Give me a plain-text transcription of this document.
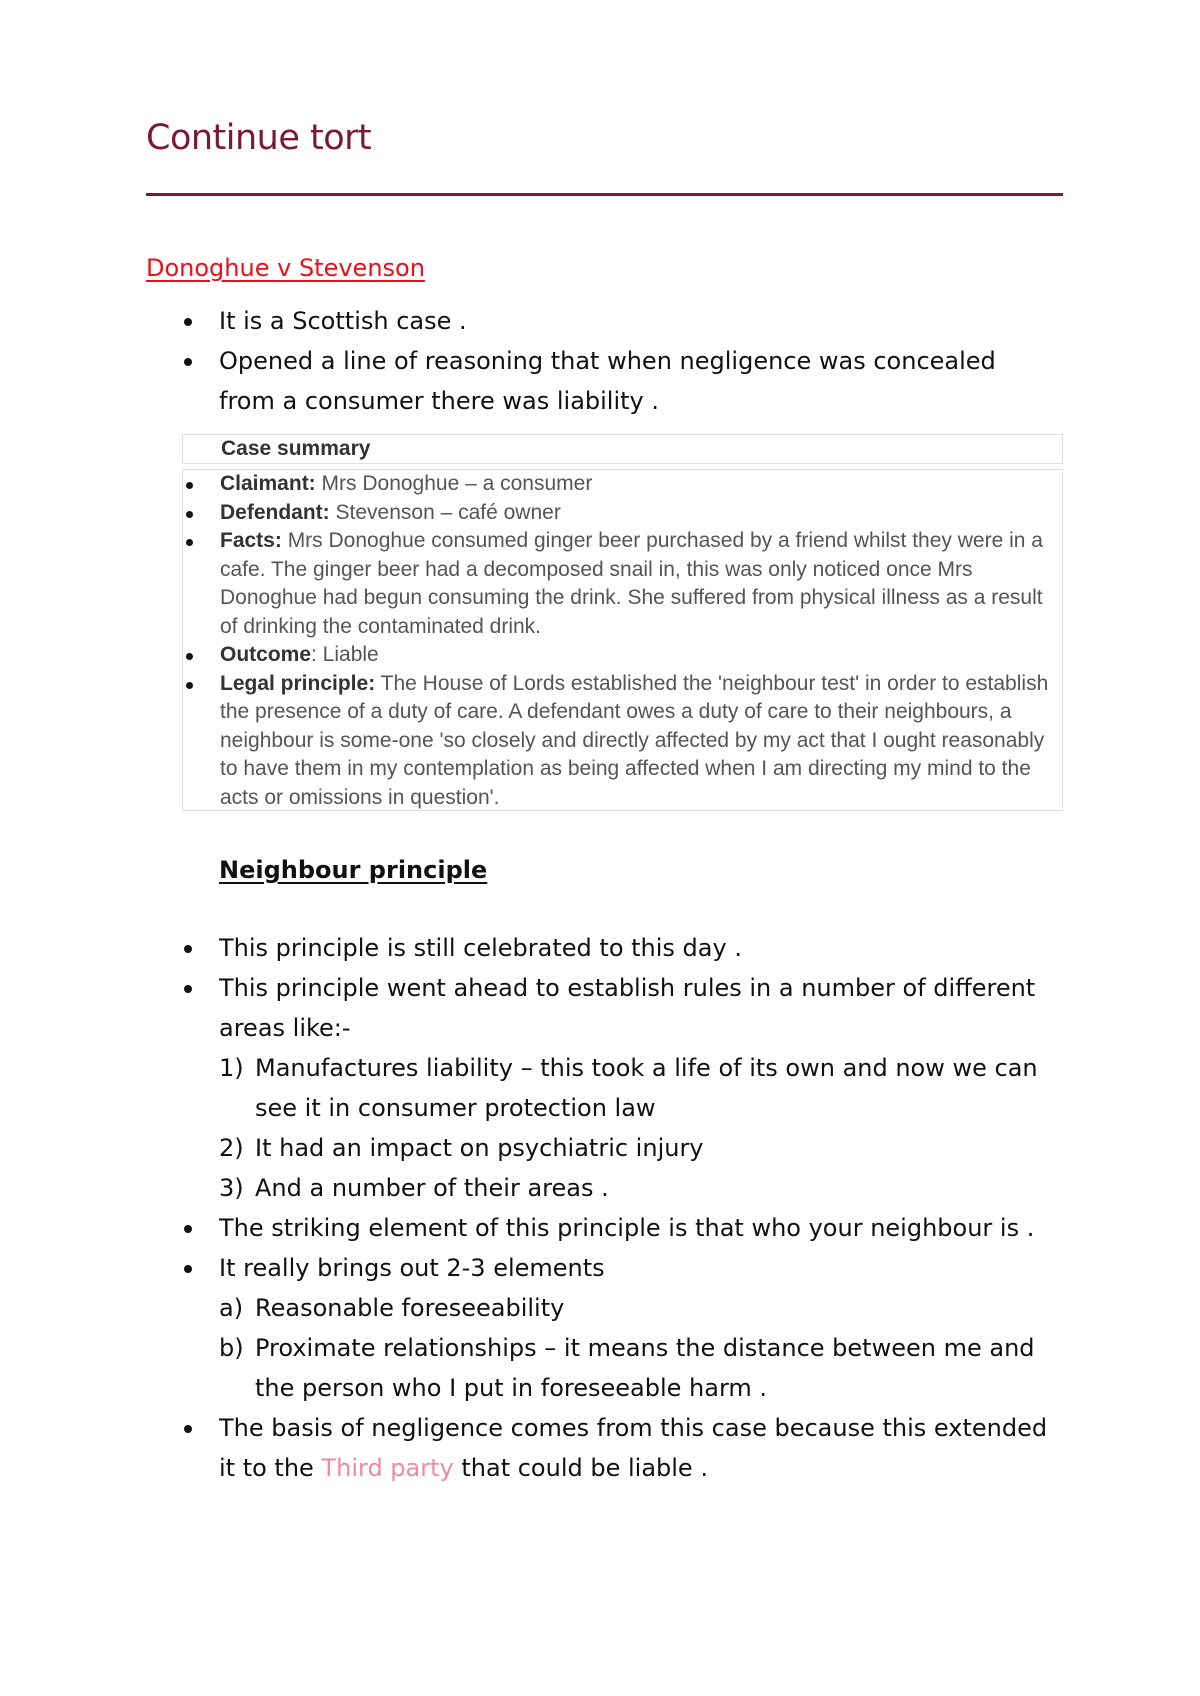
Continue tort
Donoghue v Stevenson
It is a Scottish case .
Opened a line of reasoning that when negligence was concealed from a consumer there was liability .
Case summary
Claimant: Mrs Donoghue – a consumer
Defendant: Stevenson – café owner
Facts: Mrs Donoghue consumed ginger beer purchased by a friend whilst they were in a cafe. The ginger beer had a decomposed snail in, this was only noticed once Mrs Donoghue had begun consuming the drink. She suffered from physical illness as a result of drinking the contaminated drink.
Outcome: Liable
Legal principle: The House of Lords established the 'neighbour test' in order to establish the presence of a duty of care. A defendant owes a duty of care to their neighbours, a neighbour is some-one 'so closely and directly affected by my act that I ought reasonably to have them in my contemplation as being affected when I am directing my mind to the acts or omissions in question'.
Neighbour principle
This principle is still celebrated to this day .
This principle went ahead to establish rules in a number of different areas like:-
1) Manufactures liability – this took a life of its own and now we can see it in consumer protection law
2) It had an impact on psychiatric injury
3) And a number of their areas .
The striking element of this principle is that who your neighbour is .
It really brings out 2-3 elements
a) Reasonable foreseeability
b) Proximate relationships – it means the distance between me and the person who I put in foreseeable harm .
The basis of negligence comes from this case because this extended it to the Third party that could be liable .
